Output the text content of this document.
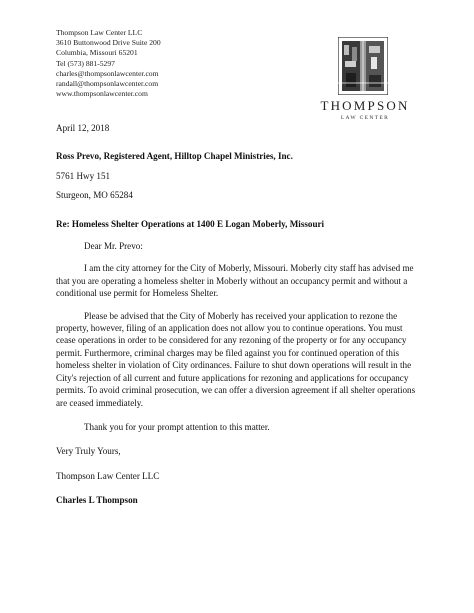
Thompson Law Center LLC
3610 Buttonwood Drive Suite 200
Columbia, Missouri 65201
Tel (573) 881-5297
charles@thompsonlawcenter.com
randall@thompsonlawcenter.com
www.thompsonlawcenter.com
THOMPSON
LAW CENTER
April 12, 2018
Ross Prevo, Registered Agent, Hilltop Chapel Ministries, Inc.
5761 Hwy 151
Sturgeon, MO 65284
Re: Homeless Shelter Operations at 1400 E Logan Moberly, Missouri
Dear Mr. Prevo:

I am the city attorney for the City of Moberly, Missouri. Moberly city staff has advised me that you are operating a homeless shelter in Moberly without an occupancy permit and without a conditional use permit for Homeless Shelter.

Please be advised that the City of Moberly has received your application to rezone the property, however, filing of an application does not allow you to continue operations. You must cease operations in order to be considered for any rezoning of the property or for any occupancy permit. Furthermore, criminal charges may be filed against you for continued operation of this homeless shelter in violation of City ordinances. Failure to shut down operations will result in the City's rejection of all current and future applications for rezoning and applications for occupancy permits. To avoid criminal prosecution, we can offer a diversion agreement if all shelter operations are ceased immediately.

Thank you for your prompt attention to this matter.
Very Truly Yours,
Thompson Law Center LLC
Charles L Thompson
